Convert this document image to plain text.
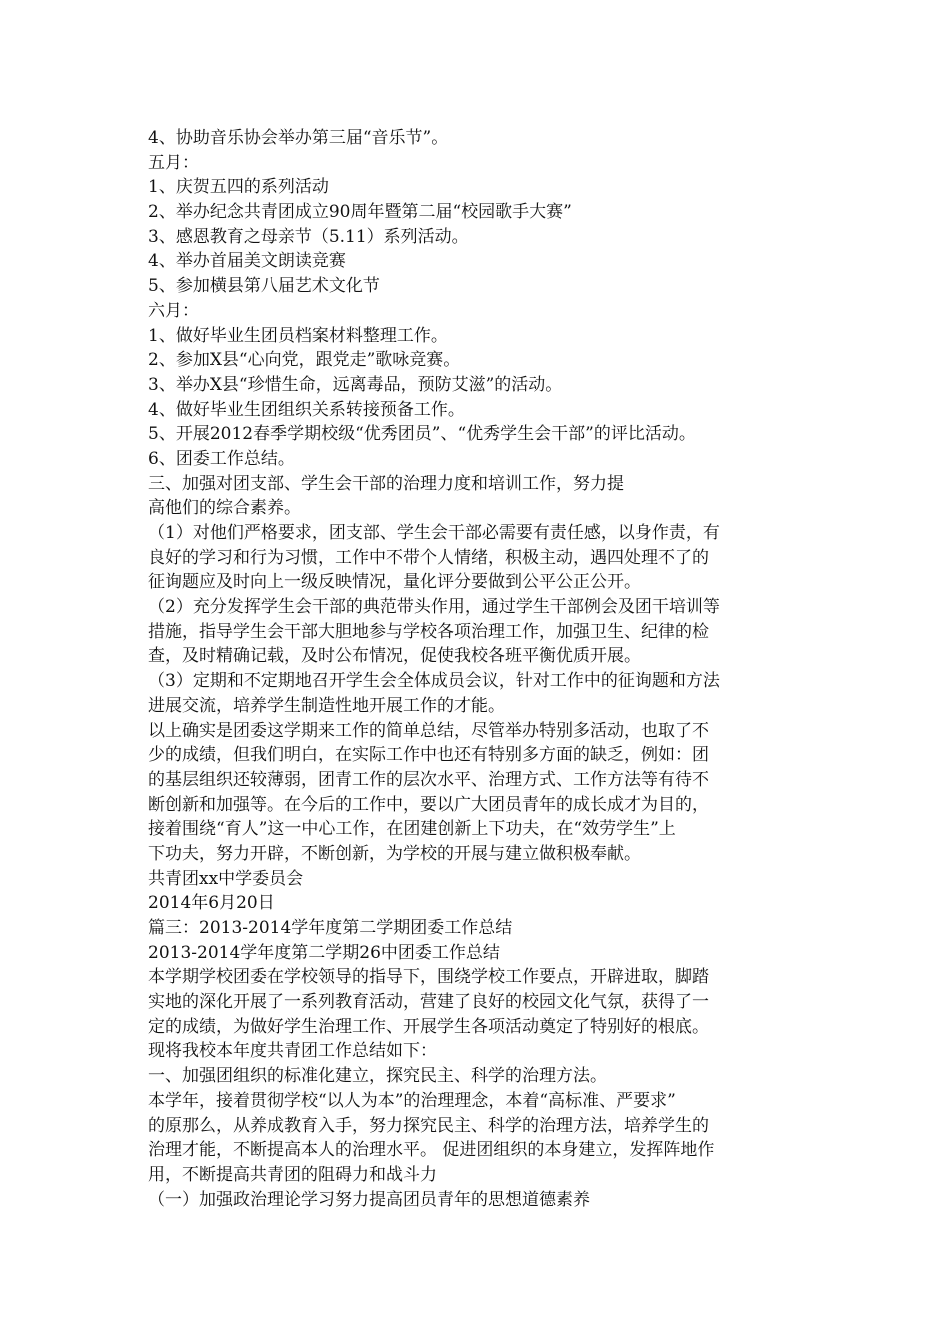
4、协助音乐协会举办第三届“音乐节”。
五月：
1、庆贺五四的系列活动
2、举办纪念共青团成立90周年暨第二届“校园歌手大赛”
3、感恩教育之母亲节（5.11）系列活动。
4、举办首届美文朗读竞赛
5、参加横县第八届艺术文化节
六月：
1、做好毕业生团员档案材料整理工作。
2、参加X县“心向党，跟党走”歌咏竞赛。
3、举办X县“珍惜生命，远离毒品，预防艾滋”的活动。
4、做好毕业生团组织关系转接预备工作。
5、开展2012春季学期校级“优秀团员”、“优秀学生会干部”的评比活动。
6、团委工作总结。
三、加强对团支部、学生会干部的治理力度和培训工作，努力提
高他们的综合素养。
（1）对他们严格要求，团支部、学生会干部必需要有责任感，以身作责，有
良好的学习和行为习惯，工作中不带个人情绪，积极主动，遇四处理不了的
征询题应及时向上一级反映情况，量化评分要做到公平公正公开。
（2）充分发挥学生会干部的典范带头作用，通过学生干部例会及团干培训等
措施，指导学生会干部大胆地参与学校各项治理工作，加强卫生、纪律的检
查，及时精确记载，及时公布情况，促使我校各班平衡优质开展。
（3）定期和不定期地召开学生会全体成员会议，针对工作中的征询题和方法
进展交流，培养学生制造性地开展工作的才能。
以上确实是团委这学期来工作的简单总结，尽管举办特别多活动，也取了不
少的成绩，但我们明白，在实际工作中也还有特别多方面的缺乏，例如：团
的基层组织还较薄弱，团青工作的层次水平、治理方式、工作方法等有待不
断创新和加强等。在今后的工作中，要以广大团员青年的成长成才为目的，
接着围绕“育人”这一中心工作，在团建创新上下功夫，在“效劳学生”上
下功夫，努力开辟，不断创新，为学校的开展与建立做积极奉献。
共青团xx中学委员会
2014年6月20日
篇三：2013-2014学年度第二学期团委工作总结
2013-2014学年度第二学期26中团委工作总结
本学期学校团委在学校领导的指导下，围绕学校工作要点，开辟进取，脚踏
实地的深化开展了一系列教育活动，营建了良好的校园文化气氛，获得了一
定的成绩，为做好学生治理工作、开展学生各项活动奠定了特别好的根底。
现将我校本年度共青团工作总结如下：
一、加强团组织的标准化建立，探究民主、科学的治理方法。
本学年，接着贯彻学校“以人为本”的治理理念，本着“高标准、严要求”
的原那么，从养成教育入手，努力探究民主、科学的治理方法，培养学生的
治理才能，不断提高本人的治理水平。 促进团组织的本身建立，发挥阵地作
用，不断提高共青团的阻碍力和战斗力
（一）加强政治理论学习努力提高团员青年的思想道德素养
